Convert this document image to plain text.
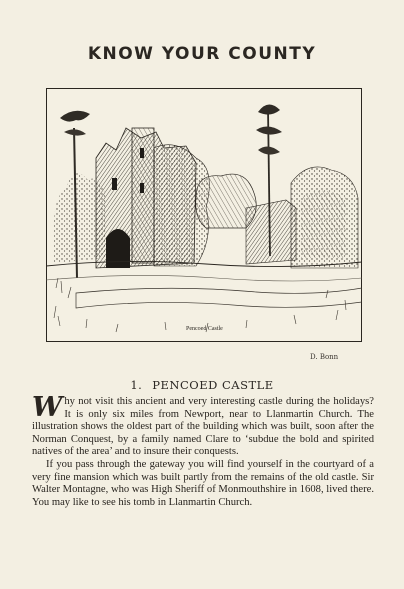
KNOW YOUR COUNTY
Pencoed Castle
D. Bonn
1. PENCOED CASTLE

Why not visit this ancient and very interesting castle during the holidays? It is only six miles from Newport, near to Llanmartin Church. The illustration shows the oldest part of the building which was built, soon after the Norman Conquest, by a family named Clare to ‘subdue the bold and spirited natives of the area’ and to insure their conquests.

If you pass through the gateway you will find yourself in the courtyard of a very fine mansion which was built partly from the remains of the old castle. Sir Walter Montagne, who was High Sheriff of Monmouthshire in 1608, lived there. You may like to see his tomb in Llanmartin Church.
